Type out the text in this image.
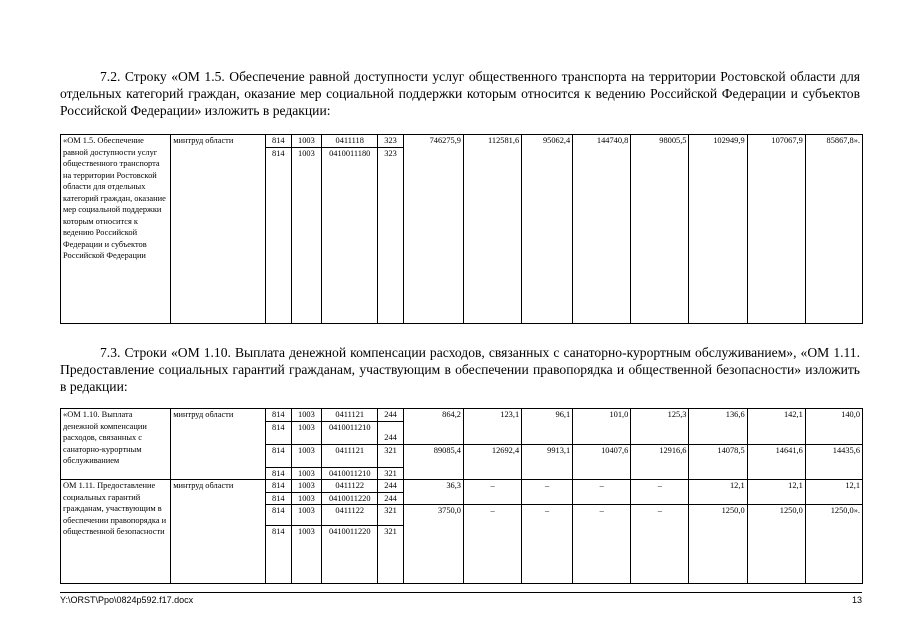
7.2. Строку «ОМ 1.5. Обеспечение равной доступности услуг общественного транспорта на территории Ростовской области для отдельных категорий граждан, оказание мер социальной поддержки которым относится к ведению Российской Федерации и субъектов Российской Федерации» изложить в редакции:
«ОМ 1.5. Обеспечение равной доступности услуг общественного транспорта на территории Ростовской области для отдельных категорий граждан, оказание мер социальной поддержки которым относится к ведению Российской Федерации и субъектов Российской Федерации	минтруд области	814	1003	0411118	323	746275,9	112581,6	95062,4	144740,8	98005,5	102949,9	107067,9	85867,8».
		814	1003	0410011180	323								
7.3. Строки «ОМ 1.10. Выплата денежной компенсации расходов, связанных с санаторно-курортным обслуживанием», «ОМ 1.11. Предоставление социальных гарантий гражданам, участвующим в обеспечении правопорядка и общественной безопасности» изложить в редакции:
«ОМ 1.10. Выплата денежной компенсации расходов, связанных с санаторно-курортным обслуживанием	минтруд области	814	1003	0411121	244	864,2	123,1	96,1	101,0	125,3	136,6	142,1	140,0
		814	1003	0410011210	244								
		814	1003	0411121	321	89085,4	12692,4	9913,1	10407,6	12916,6	14078,5	14641,6	14435,6
		814	1003	0410011210	321								
ОМ 1.11. Предоставление социальных гарантий гражданам, участвующим в обеспечении правопорядка и общественной безопасности	минтруд области	814	1003	0411122	244	36,3	–	–	–	–	12,1	12,1	12,1
		814	1003	0410011220	244								
		814	1003	0411122	321	3750,0	–	–	–	–	1250,0	1250,0	1250,0».
		814	1003	0410011220	321								
Y:\ORST\Ppo\0824p592.f17.docx	13
